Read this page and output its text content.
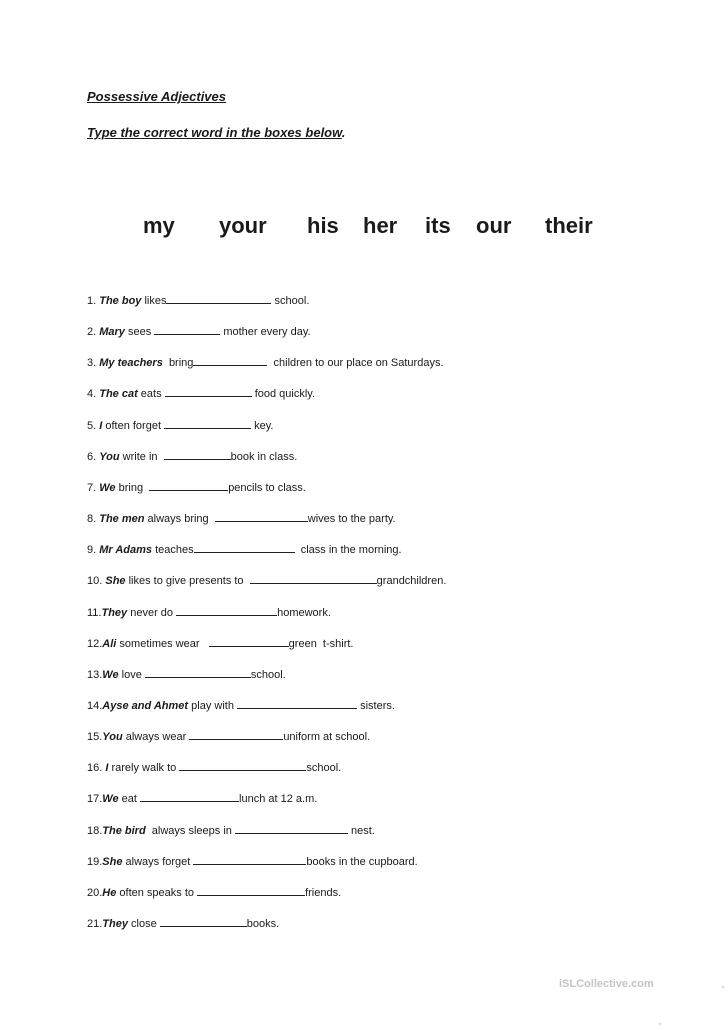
Possessive Adjectives
Type the correct word in the boxes below.
my your his her its our their
1. The boy likes	school.
2. Mary sees	mother every day.
3. My teachers  bring	children to our place on Saturdays.
4. The cat eats	food quickly.
5. I often forget	key.
6. You write in	book in class.
7. We bring	pencils to class.
8. The men always bring	wives to the party.
9. Mr Adams teaches	class in the morning.
10. She likes to give presents to	grandchildren.
11.They never do	homework.
12.Ali sometimes wear	green  t-shirt.
13.We love	school.
14.Ayse and Ahmet play with	sisters.
15.You always wear	uniform at school.
16. I rarely walk to	school.
17.We eat	lunch at 12 a.m.
18.The bird  always sleeps in	nest.
19.She always forget	books in the cupboard.
20.He often speaks to	friends.
21.They close	books.
iSLCollective.com
